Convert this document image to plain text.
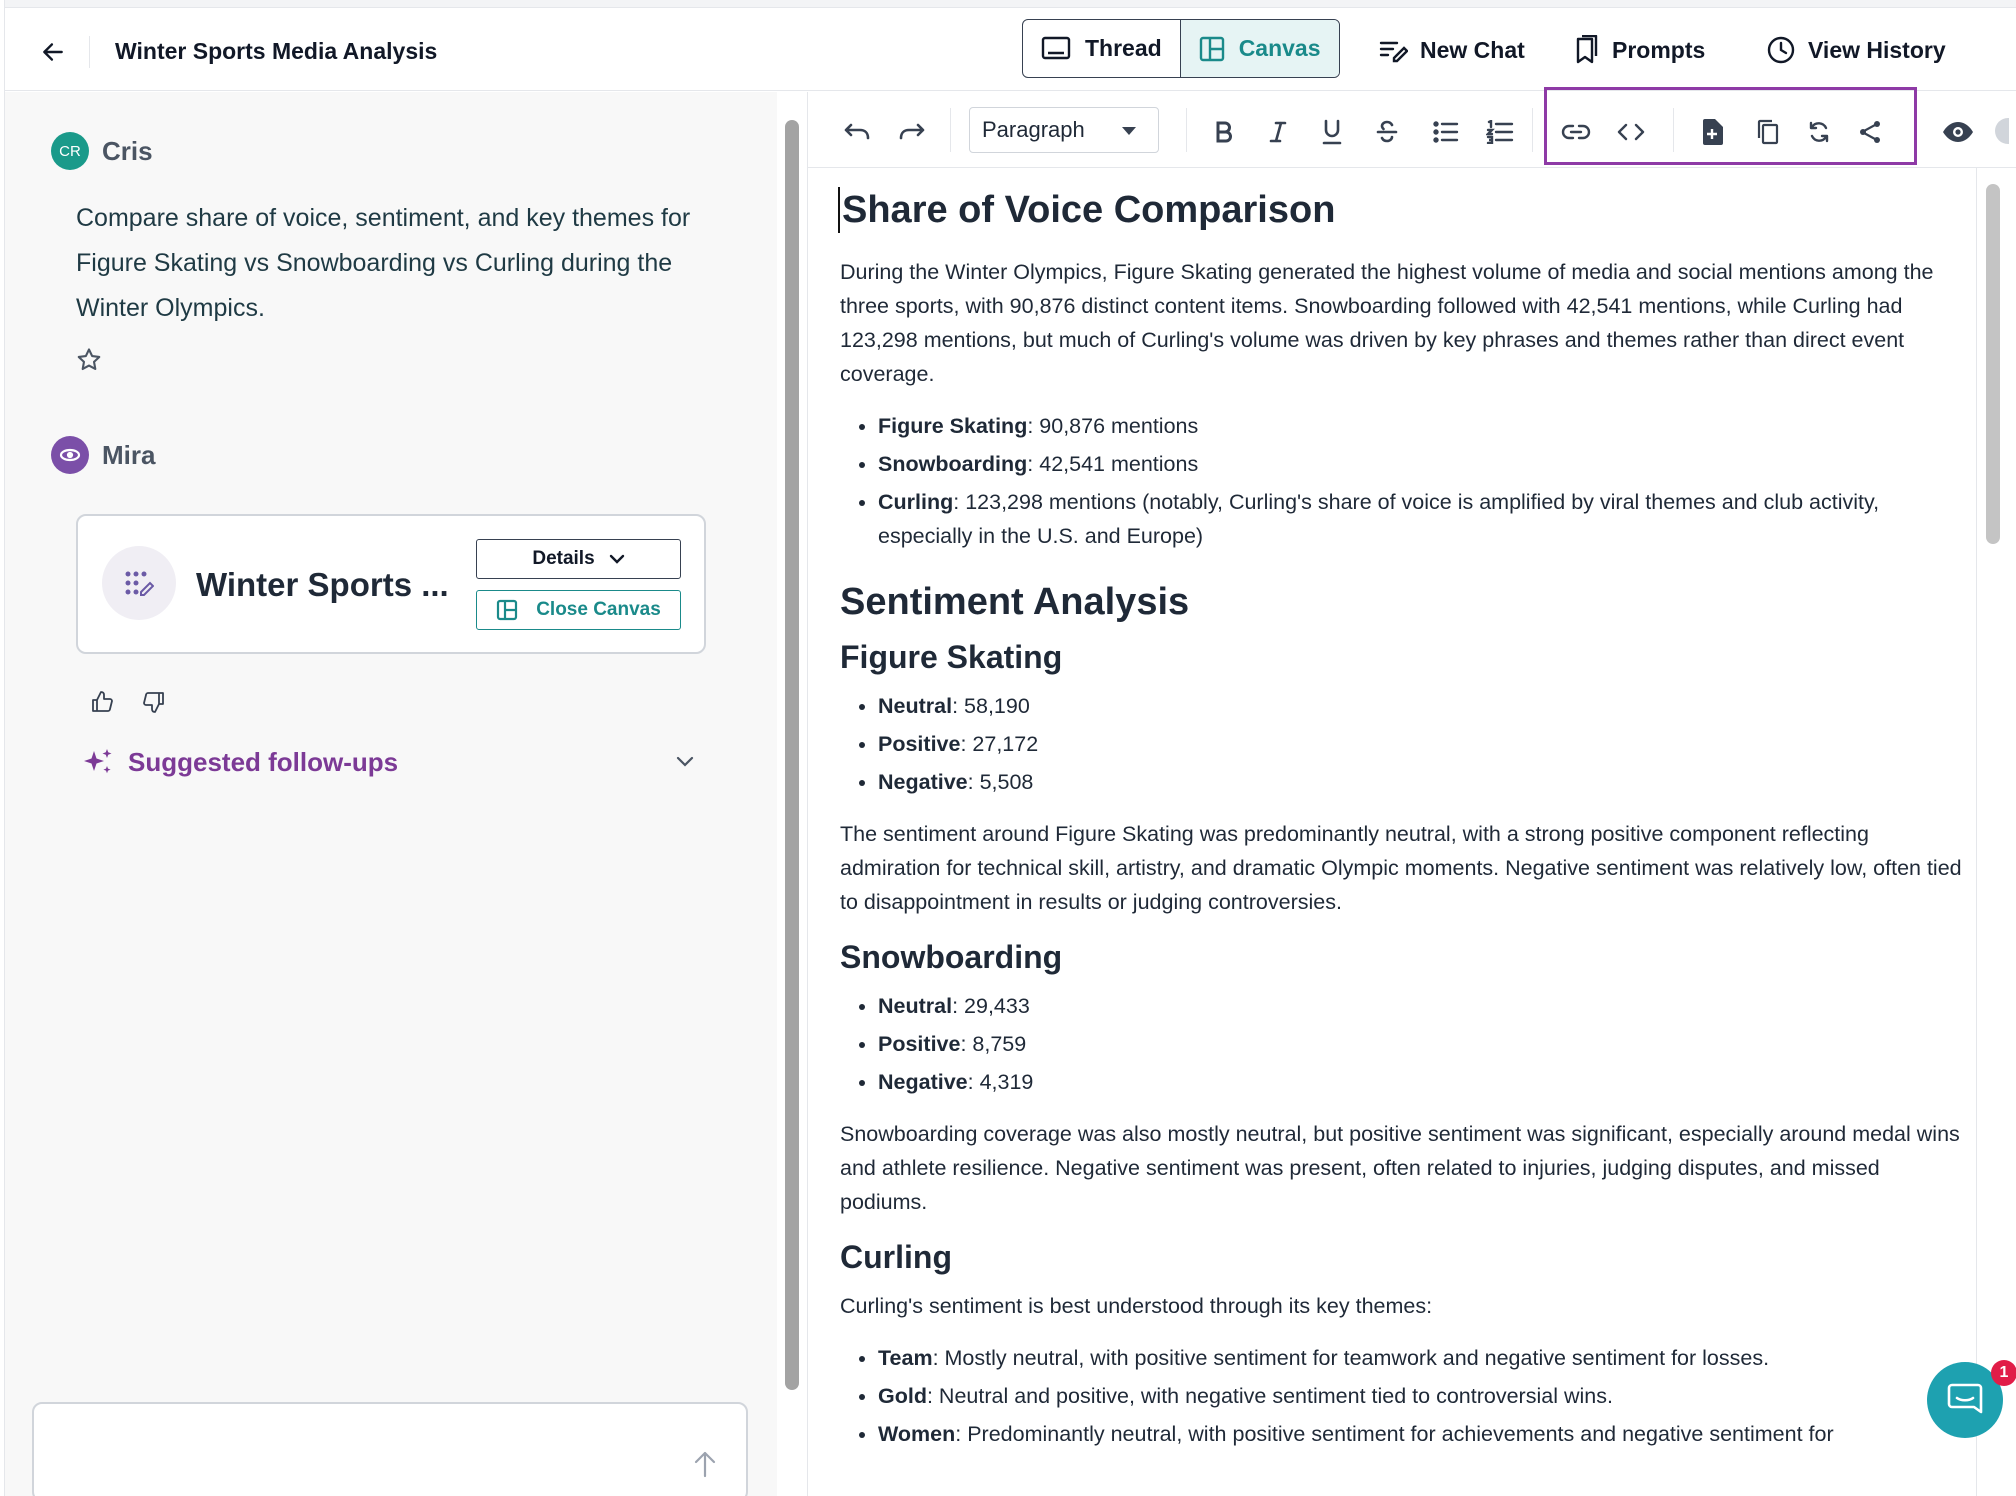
Winter Sports Media Analysis	Thread	Canvas	New Chat	Prompts	View History
CR Cris
Compare share of voice, sentiment, and key themes for Figure Skating vs Snowboarding vs Curling during the Winter Olympics.
Mira
Winter Sports ...
Details
Close Canvas
Suggested follow-ups
Paragraph
Share of Voice Comparison

During the Winter Olympics, Figure Skating generated the highest volume of media and social mentions among the three sports, with 90,876 distinct content items. Snowboarding followed with 42,541 mentions, while Curling had 123,298 mentions, but much of Curling's volume was driven by key phrases and themes rather than direct event coverage.

• Figure Skating: 90,876 mentions
• Snowboarding: 42,541 mentions
• Curling: 123,298 mentions (notably, Curling's share of voice is amplified by viral themes and club activity, especially in the U.S. and Europe)
Sentiment Analysis
Figure Skating
• Neutral: 58,190
• Positive: 27,172
• Negative: 5,508

The sentiment around Figure Skating was predominantly neutral, with a strong positive component reflecting admiration for technical skill, artistry, and dramatic Olympic moments. Negative sentiment was relatively low, often tied to disappointment in results or judging controversies.

Snowboarding
• Neutral: 29,433
• Positive: 8,759
• Negative: 4,319

Snowboarding coverage was also mostly neutral, but positive sentiment was significant, especially around medal wins and athlete resilience. Negative sentiment was present, often related to injuries, judging disputes, and missed podiums.

Curling

Curling's sentiment is best understood through its key themes:

• Team: Mostly neutral, with positive sentiment for teamwork and negative sentiment for losses.
• Gold: Neutral and positive, with negative sentiment tied to controversial wins.
• Women: Predominantly neutral, with positive sentiment for achievements and negative sentiment for
1
